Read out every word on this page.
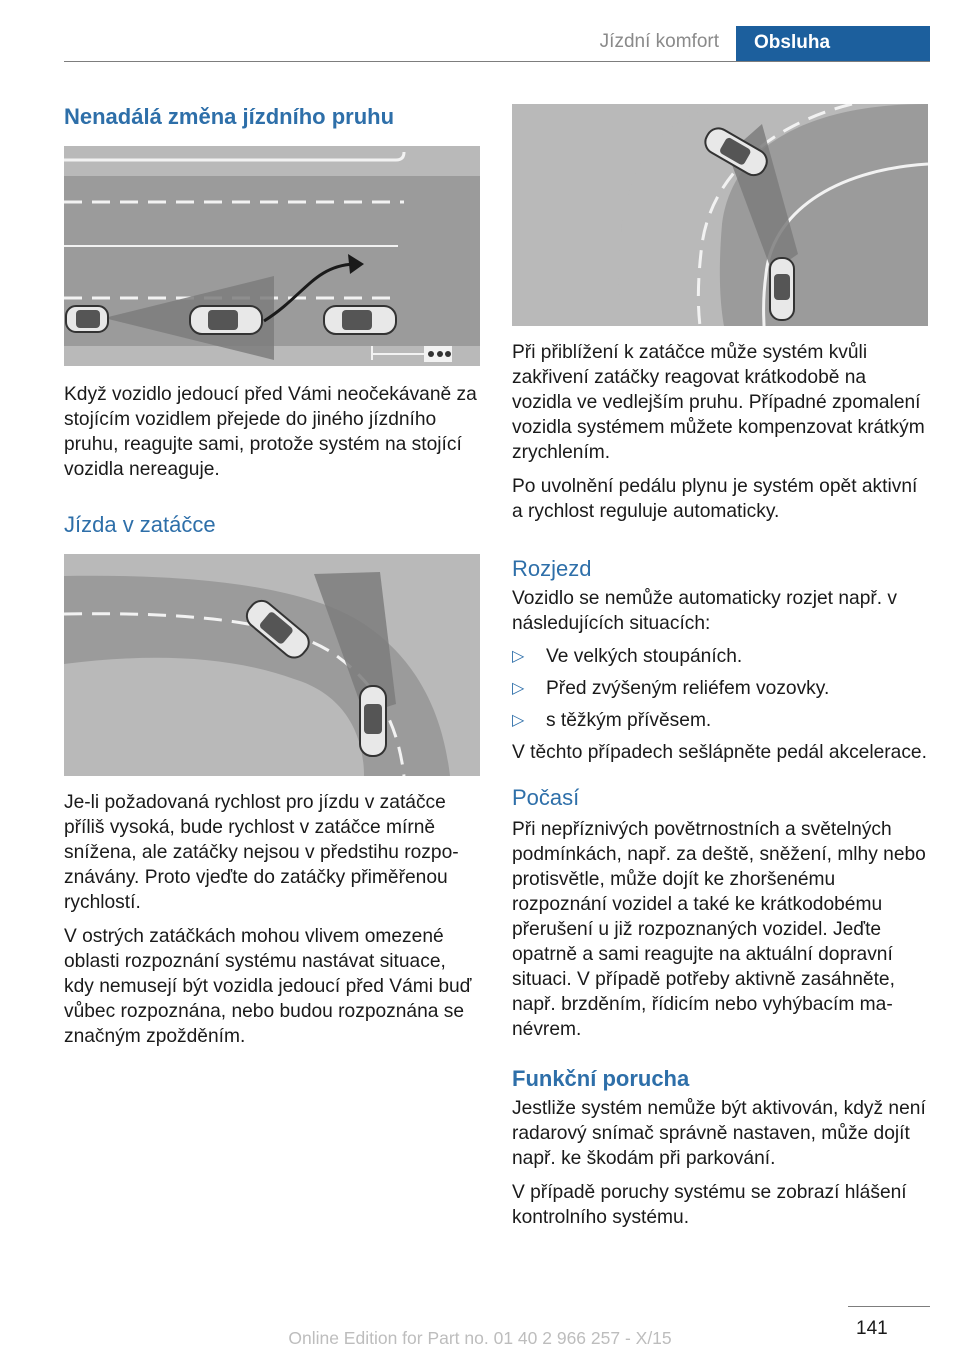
Jízdní komfort	Obsluha
Nenadálá změna jízdního pruhu

Když vozidlo jedoucí před Vámi neočekávaně za stojícím vozidlem přejede do jiného jízdního pruhu, reagujte sami, protože systém na stojící vozidla nereaguje.

Jízda v zatáčce

Je-li požadovaná rychlost pro jízdu v zatáčce příliš vysoká, bude rychlost v zatáčce mírně snížena, ale zatáčky nejsou v předstihu rozpoznávány. Proto vjeďte do zatáčky přiměřenou rychlostí.

V ostrých zatáčkách mohou vlivem omezené oblasti rozpoznání systému nastávat situace, kdy nemusejí být vozidla jedoucí před Vámi buď vůbec rozpoznána, nebo budou rozpoznána se značným zpožděním.

Při přiblížení k zatáčce může systém kvůli zakřivení zatáčky reagovat krátkodobě na vozidla ve vedlejším pruhu. Případné zpomalení vozidla systémem můžete kompenzovat krátkým zrychlením.

Po uvolnění pedálu plynu je systém opět aktivní a rychlost reguluje automaticky.

Rozjezd

Vozidlo se nemůže automaticky rozjet např. v následujících situacích:

▷ Ve velkých stoupáních.
▷ Před zvýšeným reliéfem vozovky.
▷ s těžkým přívěsem.

V těchto případech sešlápněte pedál akcelerace.

Počasí

Při nepříznivých povětrnostních a světelných podmínkách, např. za deště, sněžení, mlhy nebo protisvětle, může dojít ke zhoršenému rozpoznání vozidel a také ke krátkodobému přerušení u již rozpoznaných vozidel. Jeďte opatrně a sami reagujte na aktuální dopravní situaci. V případě potřeby aktivně zasáhněte, např. brzděním, řídicím nebo vyhýbacím manévrem.

Funkční porucha

Jestliže systém nemůže být aktivován, když není radarový snímač správně nastaven, může dojít např. ke škodám při parkování.

V případě poruchy systému se zobrazí hlášení kontrolního systému.

141
Online Edition for Part no. 01 40 2 966 257 - X/15
